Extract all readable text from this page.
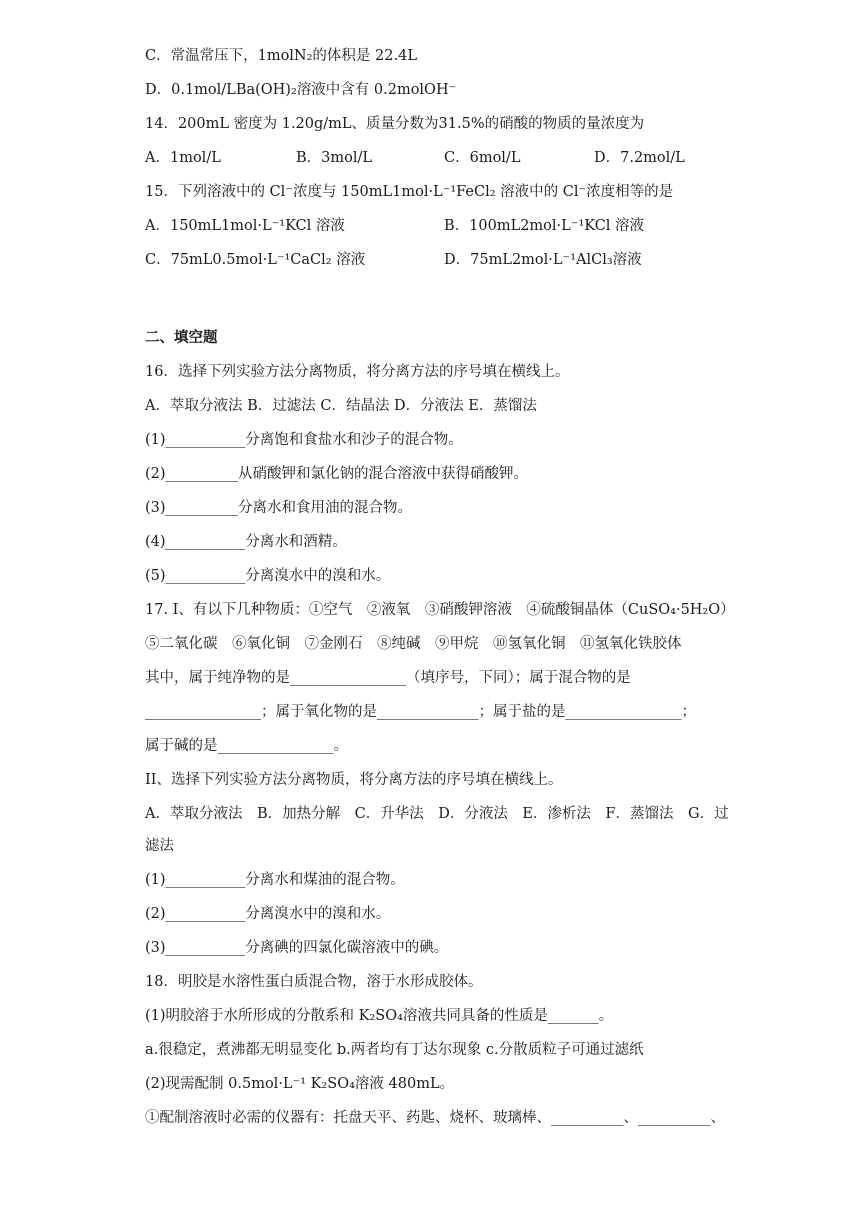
C．常温常压下，1molN₂的体积是 22.4L
D．0.1mol/LBa(OH)₂溶液中含有 0.2molOH⁻
14．200mL 密度为 1.20g/mL、质量分数为31.5%的硝酸的物质的量浓度为
A．1mol/L	B．3mol/L	C．6mol/L	D．7.2mol/L
15．下列溶液中的 Cl⁻浓度与 150mL1mol·L⁻¹FeCl₂ 溶液中的 Cl⁻浓度相等的是
A．150mL1mol·L⁻¹KCl 溶液	B．100mL2mol·L⁻¹KCl 溶液
C．75mL0.5mol·L⁻¹CaCl₂ 溶液	D．75mL2mol·L⁻¹AlCl₃溶液
二、填空题
16．选择下列实验方法分离物质，将分离方法的序号填在横线上。
A．萃取分液法 B．过滤法 C．结晶法 D．分液法 E．蒸馏法
(1)___________分离饱和食盐水和沙子的混合物。
(2)__________从硝酸钾和氯化钠的混合溶液中获得硝酸钾。
(3)__________分离水和食用油的混合物。
(4)___________分离水和酒精。
(5)___________分离溴水中的溴和水。
17. I、有以下几种物质：①空气　②液氧　③硝酸钾溶液　④硫酸铜晶体（CuSO₄·5H₂O）
⑤二氧化碳　⑥氧化铜　⑦金刚石　⑧纯碱　⑨甲烷　⑩氢氧化铜　⑪氢氧化铁胶体
其中，属于纯净物的是________________（填序号，下同）；属于混合物的是
________________；属于氧化物的是______________；属于盐的是________________；
属于碱的是________________。
II、选择下列实验方法分离物质，将分离方法的序号填在横线上。
A．萃取分液法　B．加热分解　C．升华法　D．分液法　E．渗析法　F．蒸馏法　G．过
滤法
(1)___________分离水和煤油的混合物。
(2)___________分离溴水中的溴和水。
(3)___________分离碘的四氯化碳溶液中的碘。
18．明胶是水溶性蛋白质混合物，溶于水形成胶体。
(1)明胶溶于水所形成的分散系和 K₂SO₄溶液共同具备的性质是_______。
a.很稳定，煮沸都无明显变化 b.两者均有丁达尔现象 c.分散质粒子可通过滤纸
(2)现需配制 0.5mol·L⁻¹ K₂SO₄溶液 480mL。
①配制溶液时必需的仪器有：托盘天平、药匙、烧杯、玻璃棒、__________、__________、
